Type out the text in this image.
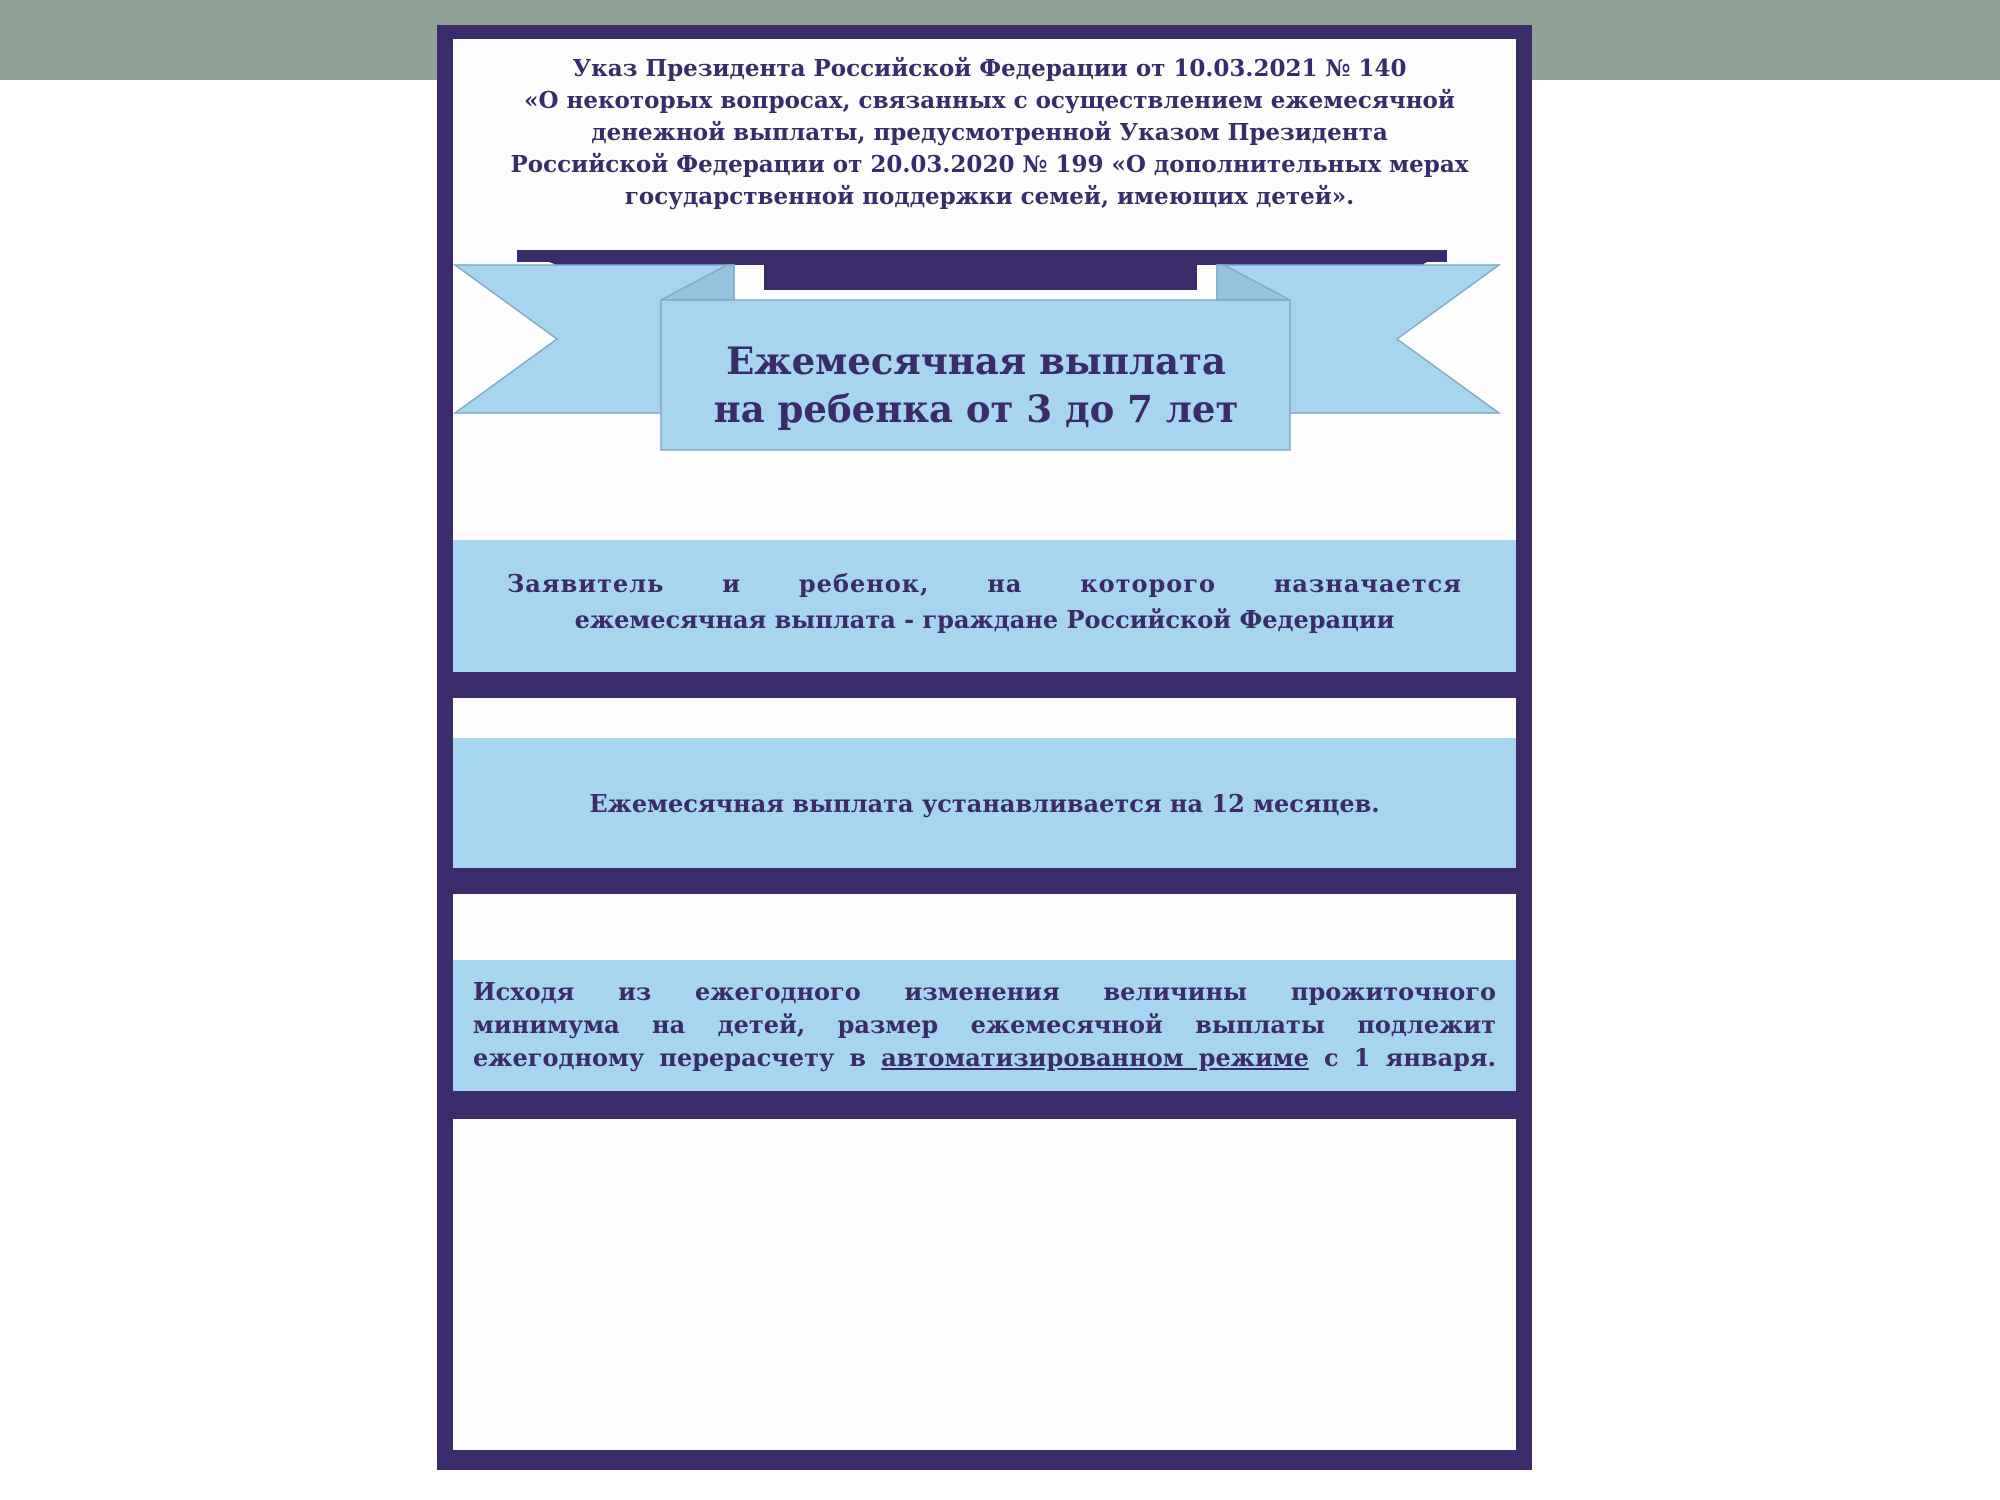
Указ Президента Российской Федерации от 10.03.2021 № 140
«О некоторых вопросах, связанных с осуществлением ежемесячной
денежной выплаты, предусмотренной Указом Президента
Российской Федерации от 20.03.2020 № 199 «О дополнительных мерах
государственной поддержки семей, имеющих детей».
Ежемесячная выплата
на ребенка от 3 до 7 лет
Заявитель и ребенок, на которого назначается
ежемесячная выплата - граждане Российской Федерации
Ежемесячная выплата устанавливается на 12 месяцев.
Исходя из ежегодного изменения величины прожиточного
минимума на детей, размер ежемесячной выплаты подлежит
ежегодному перерасчету в автоматизированном режиме с 1 января.
